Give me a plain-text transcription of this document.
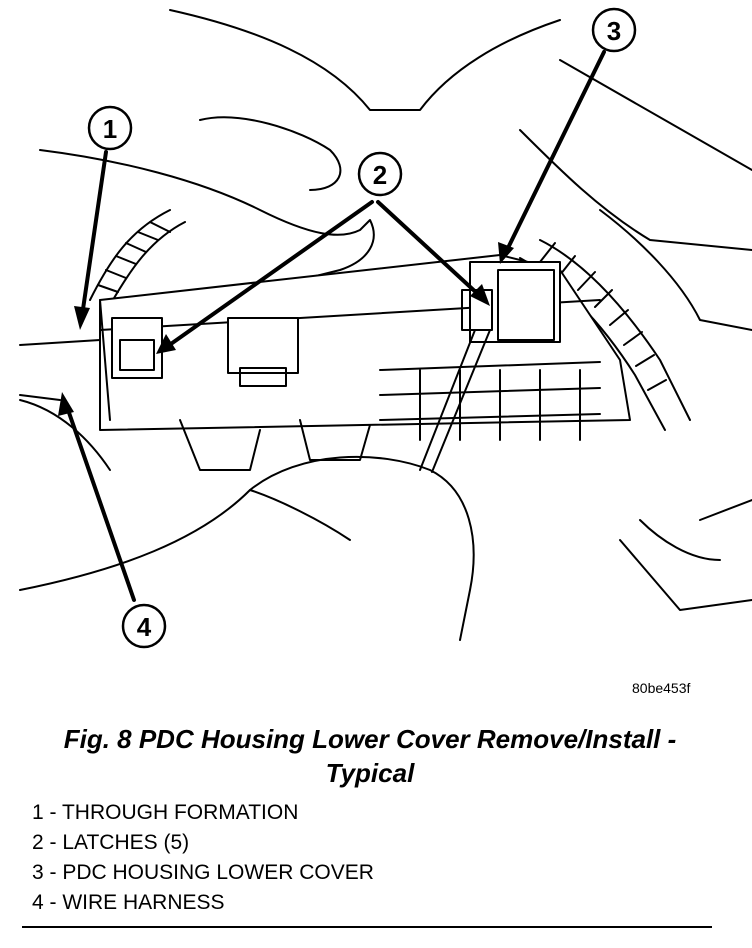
1
2
3
4
80be453f
Fig. 8 PDC Housing Lower Cover Remove/Install - Typical
1 - THROUGH FORMATION
2 - LATCHES (5)
3 - PDC HOUSING LOWER COVER
4 - WIRE HARNESS
